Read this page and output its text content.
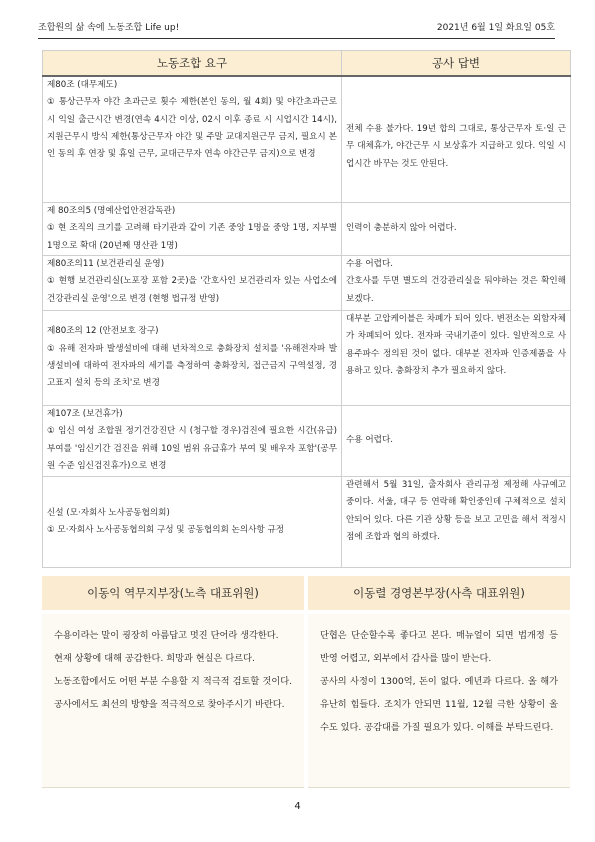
조합원의 삶 속에 노동조합 Life up!	2021년 6월 1일 화요일 05호
노동조합 요구	공사 답변

제80조 (대무제도)
① 통상근무자 야간 초과근로 횟수 제한(본인 동의, 월 4회) 및 야간초과근로시 익일 출근시간 변경(연속 4시간 이상, 02시 이후 종료 시 시업시간 14시), 지원근무시 방식 제한(통상근무자 야간 및 주말 교대지원근무 금지, 필요시 본인 동의 후 연장 및 휴일 근무, 교대근무자 연속 야간근무 금지)으로 변경	전체 수용 불가다. 19년 합의 그대로, 통상근무자 토·일 근무 대체휴가, 야간근무 시 보상휴가 지급하고 있다. 익일 시업시간 바꾸는 것도 안된다.

제 80조의5 (명예산업안전감독관)
① 현 조직의 크기를 고려해 타기관과 같이 기존 중앙 1명을 중앙 1명, 지부별 1명으로 확대 (20년째 명산관 1명)	인력이 충분하지 않아 어렵다.

제80조의11 (보건관리실 운영)
① 현행 보건관리실(노포장 포함 2곳)을 '간호사인 보건관리자 있는 사업소에 건강관리실 운영'으로 변경 (현행 법규정 반영)	수용 어렵다.
간호사를 두면 별도의 건강관리실을 둬야하는 것은 확인해보겠다.

제80조의 12 (안전보호 장구)
① 유해 전자파 발생설비에 대해 년차적으로 충화장치 설치를 '유해전자파 발생설비에 대하여 전자파의 세기를 측정하여 충화장치, 접근금지 구역설정, 경고표지 설치 등의 조치'로 변경	대부분 고압케이블은 차폐가 되어 있다. 변전소는 외함자체가 차폐되어 있다. 전자파 국내기준이 있다. 일반적으로 사용주파수 정의된 것이 없다. 대부분 전자파 인증제품을 사용하고 있다. 충화장치 추가 필요하지 않다.

제107조 (보건휴가)
① 임신 여성 조합원 정기건강진단 시 (청구할 경우)검진에 필요한 시간(유급) 부여를 '임신기간 검진을 위해 10일 범위 유급휴가 부여 및 배우자 포함'(공무원 수준 임신검진휴가)으로 변경	수용 어렵다.

신설 (모·자회사 노사공동협의회)
① 모·자회사 노사공동협의회 구성 및 공동협의회 논의사항 규정	관련해서 5월 31일, 출자회사 관리규정 제정해 사규예고 중이다. 서울, 대구 등 연락해 확인중인데 구체적으로 설치안되어 있다. 다른 기관 상황 등을 보고 고민을 해서 적정시점에 조합과 협의 하겠다.
이동익 역무지부장(노측 대표위원)

수용이라는 말이 굉장히 아름답고 멋진 단어라 생각한다.

현재 상황에 대해 공감한다. 희망과 현실은 다르다.

노동조합에서도 어떤 부분 수용할 지 적극적 검토할 것이다. 공사에서도 최선의 방향을 적극적으로 찾아주시기 바란다.

이동렬 경영본부장(사측 대표위원)

단협은 단순할수록 좋다고 본다. 매뉴얼이 되면 법개정 등 반영 어렵고, 외부에서 감사를 많이 받는다.

공사의 사정이 1300억, 돈이 없다. 예년과 다르다. 올 해가 유난히 힘들다. 조치가 안되면 11월, 12월 극한 상황이 올수도 있다. 공감대를 가질 필요가 있다. 이해를 부탁드린다.

4
